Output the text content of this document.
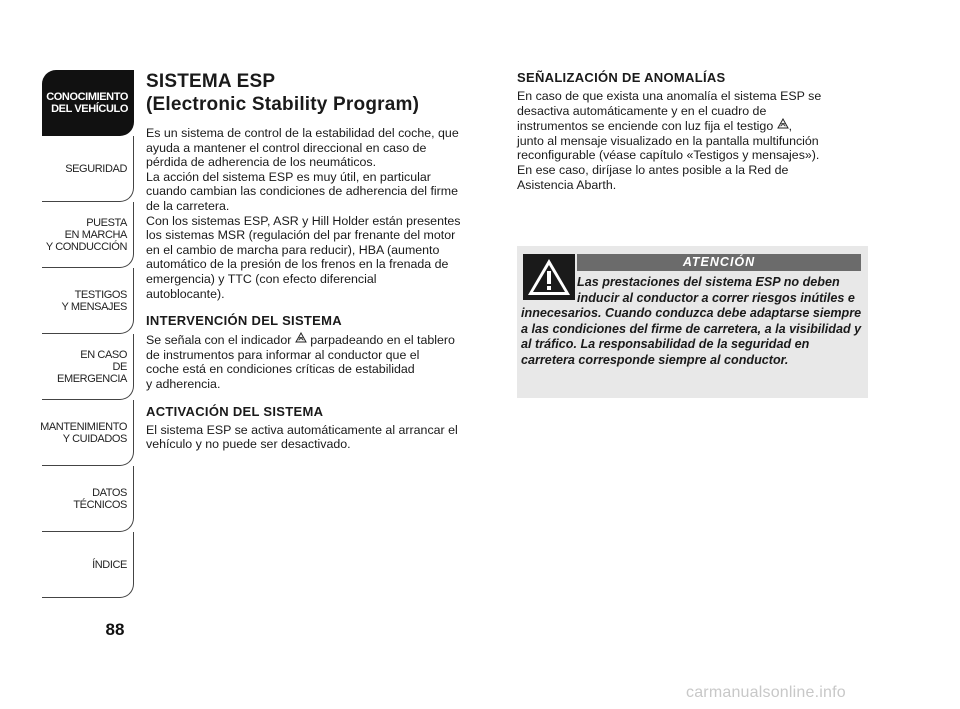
CONOCIMIENTO
DEL VEHÍCULO
SEGURIDAD
PUESTA
EN MARCHA
Y CONDUCCIÓN
TESTIGOS
Y MENSAJES
EN CASO
DE EMERGENCIA
MANTENIMIENTO
Y CUIDADOS
DATOS TÉCNICOS
ÍNDICE
88
SISTEMA ESP
(Electronic Stability Program)

Es un sistema de control de la estabilidad del coche, que
ayuda a mantener el control direccional en caso de
pérdida de adherencia de los neumáticos.
La acción del sistema ESP es muy útil, en particular
cuando cambian las condiciones de adherencia del firme
de la carretera.
Con los sistemas ESP, ASR y Hill Holder están presentes
los sistemas MSR (regulación del par frenante del motor
en el cambio de marcha para reducir), HBA (aumento
automático de la presión de los frenos en la frenada de
emergencia) y TTC (con efecto diferencial
autoblocante).

INTERVENCIÓN DEL SISTEMA

Se señala con el indicador  parpadeando en el tablero
de instrumentos para informar al conductor que el
coche está en condiciones críticas de estabilidad
y adherencia.

ACTIVACIÓN DEL SISTEMA

El sistema ESP se activa automáticamente al arrancar el
vehículo y no puede ser desactivado.

SEÑALIZACIÓN DE ANOMALÍAS

En caso de que exista una anomalía el sistema ESP se
desactiva automáticamente y en el cuadro de
instrumentos se enciende con luz fija el testigo ,
junto al mensaje visualizado en la pantalla multifunción
reconfigurable (véase capítulo «Testigos y mensajes»).
En ese caso, diríjase lo antes posible a la Red de
Asistencia Abarth.

ATENCIÓN
Las prestaciones del sistema ESP no deben inducir al conductor a correr riesgos inútiles e innecesarios. Cuando conduzca debe adaptarse siempre a las condiciones del firme de carretera, a la visibilidad y al tráfico. La responsabilidad de la seguridad en carretera corresponde siempre al conductor.
carmanualsonline.info
